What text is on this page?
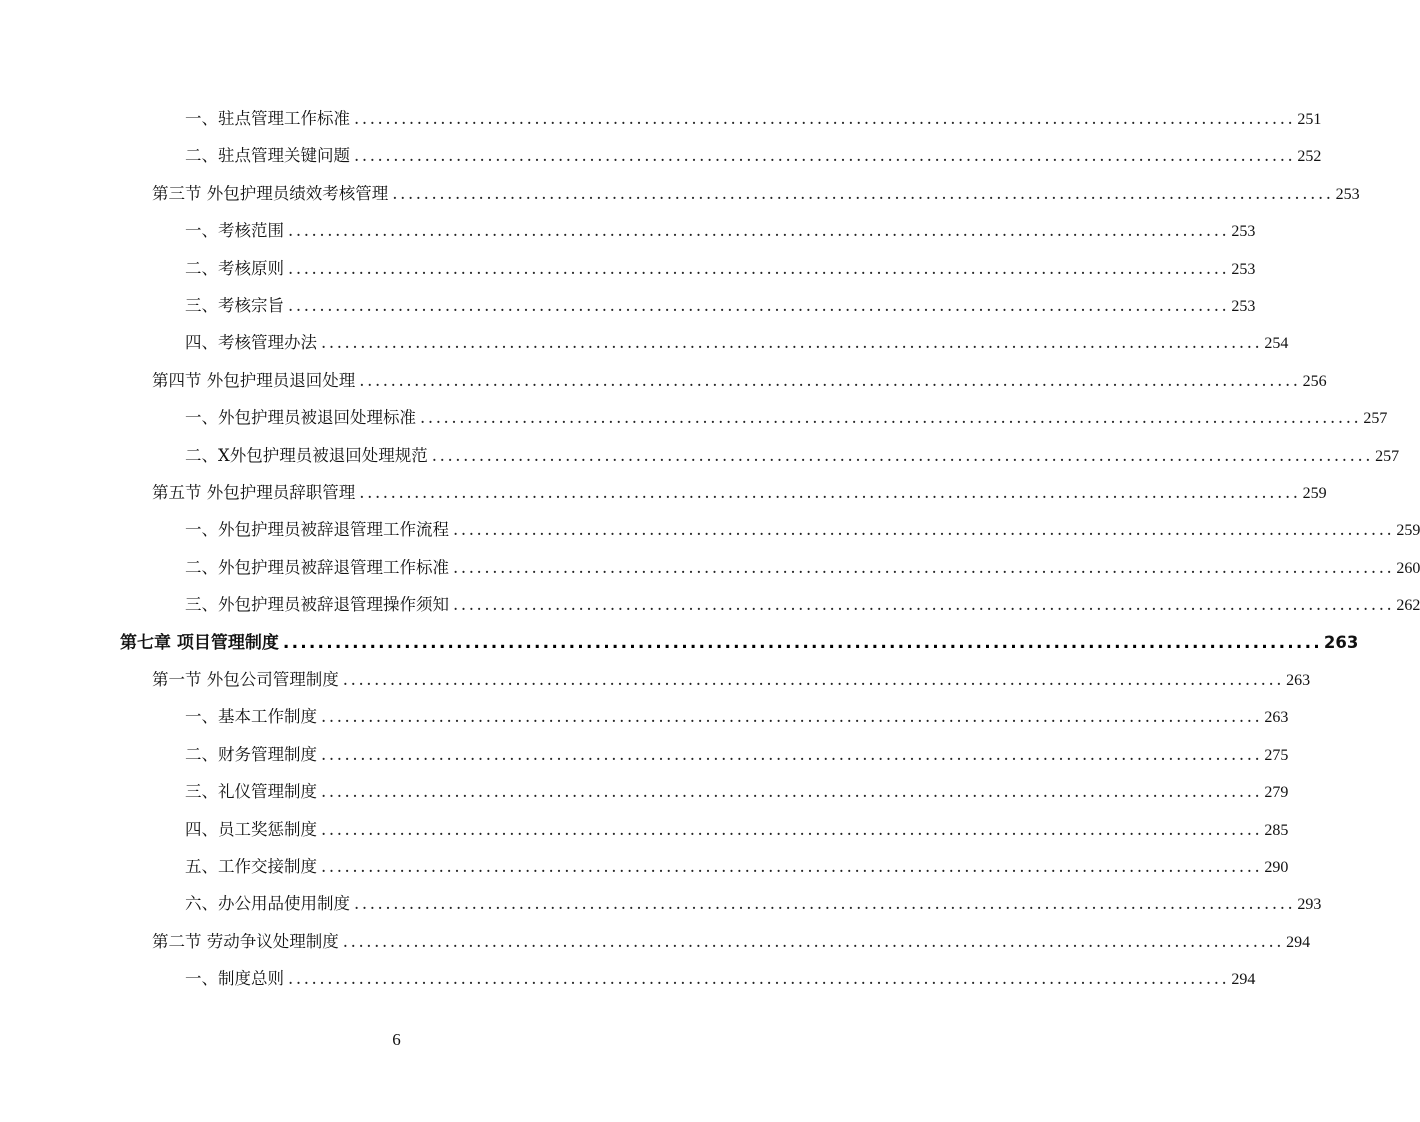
一、驻点管理工作标准 ........................................................................................................................ 251
二、驻点管理关键问题 ........................................................................................................................ 252
第三节 外包护理员绩效考核管理 ........................................................................................................................ 253
一、考核范围 ........................................................................................................................ 253
二、考核原则 ........................................................................................................................ 253
三、考核宗旨 ........................................................................................................................ 253
四、考核管理办法 ........................................................................................................................ 254
第四节 外包护理员退回处理 ........................................................................................................................ 256
一、外包护理员被退回处理标准 ........................................................................................................................ 257
二、X外包护理员被退回处理规范 ........................................................................................................................ 257
第五节 外包护理员辞职管理 ........................................................................................................................ 259
一、外包护理员被辞退管理工作流程 ........................................................................................................................ 259
二、外包护理员被辞退管理工作标准 ........................................................................................................................ 260
三、外包护理员被辞退管理操作须知 ........................................................................................................................ 262
第七章 项目管理制度 ........................................................................................................................ 263
第一节 外包公司管理制度 ........................................................................................................................ 263
一、基本工作制度 ........................................................................................................................ 263
二、财务管理制度 ........................................................................................................................ 275
三、礼仪管理制度 ........................................................................................................................ 279
四、员工奖惩制度 ........................................................................................................................ 285
五、工作交接制度 ........................................................................................................................ 290
六、办公用品使用制度 ........................................................................................................................ 293
第二节 劳动争议处理制度 ........................................................................................................................ 294
一、制度总则 ........................................................................................................................ 294
6
